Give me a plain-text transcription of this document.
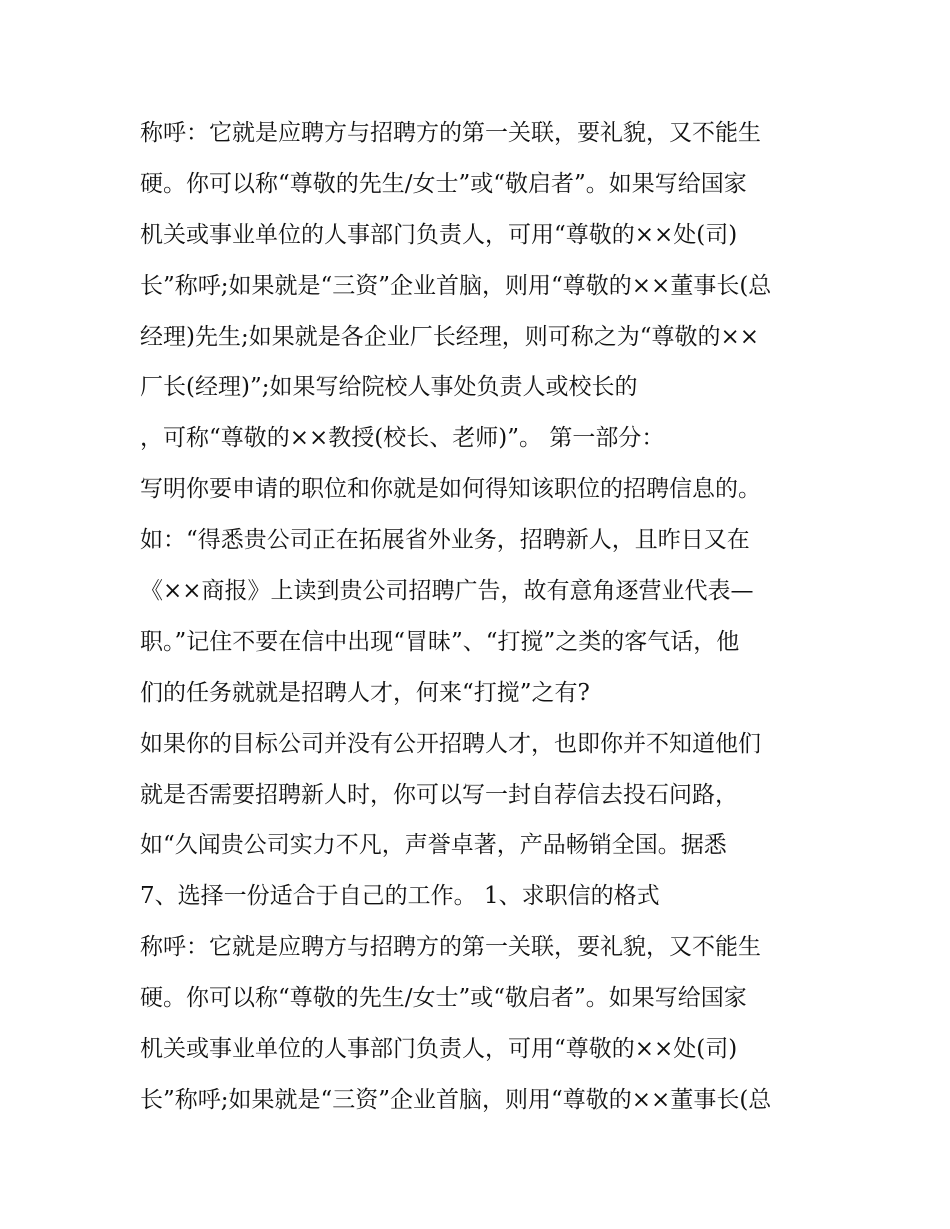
称呼：它就是应聘方与招聘方的第一关联，要礼貌，又不能生
硬。你可以称“尊敬的先生/女士”或“敬启者”。如果写给国家
机关或事业单位的人事部门负责人，可用“尊敬的××处(司)
长”称呼;如果就是“三资”企业首脑，则用“尊敬的××董事长(总
经理)先生;如果就是各企业厂长经理，则可称之为“尊敬的××
厂长(经理)”;如果写给院校人事处负责人或校长的
，可称“尊敬的××教授(校长、老师)”。 第一部分：
写明你要申请的职位和你就是如何得知该职位的招聘信息的。
如：“得悉贵公司正在拓展省外业务，招聘新人，且昨日又在
《××商报》上读到贵公司招聘广告，故有意角逐营业代表—
职。”记住不要在信中出现“冒昧”、“打搅”之类的客气话，他
们的任务就就是招聘人才，何来“打搅”之有?
如果你的目标公司并没有公开招聘人才，也即你并不知道他们
就是否需要招聘新人时，你可以写一封自荐信去投石问路，
如“久闻贵公司实力不凡，声誉卓著，产品畅销全国。据悉
7、选择一份适合于自己的工作。 1、求职信的格式
称呼：它就是应聘方与招聘方的第一关联，要礼貌，又不能生
硬。你可以称“尊敬的先生/女士”或“敬启者”。如果写给国家
机关或事业单位的人事部门负责人，可用“尊敬的××处(司)
长”称呼;如果就是“三资”企业首脑，则用“尊敬的××董事长(总
